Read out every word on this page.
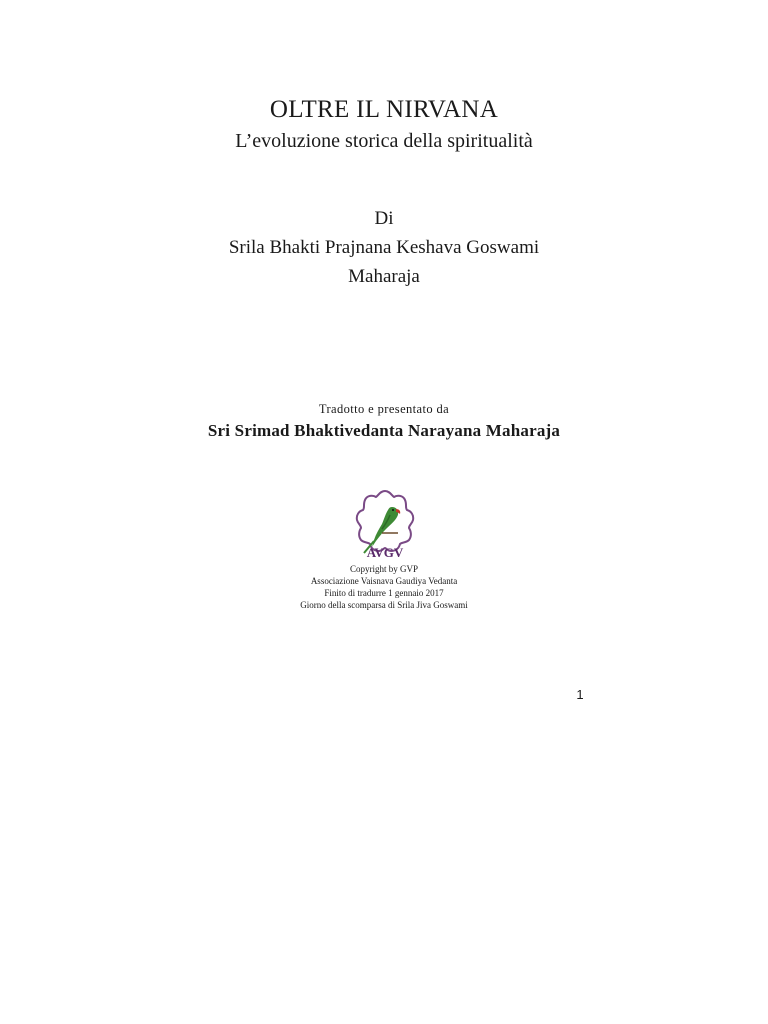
OLTRE IL NIRVANA
L’evoluzione storica della spiritualità
Di
Srila Bhakti Prajnana Keshava Goswami
Maharaja
Tradotto e presentato da
Sri Srimad Bhaktivedanta Narayana Maharaja
AVGV
Copyright by GVP
Associazione Vaisnava Gaudiya Vedanta
Finito di tradurre 1 gennaio 2017
Giorno della scomparsa di Srila Jiva Goswami
1
